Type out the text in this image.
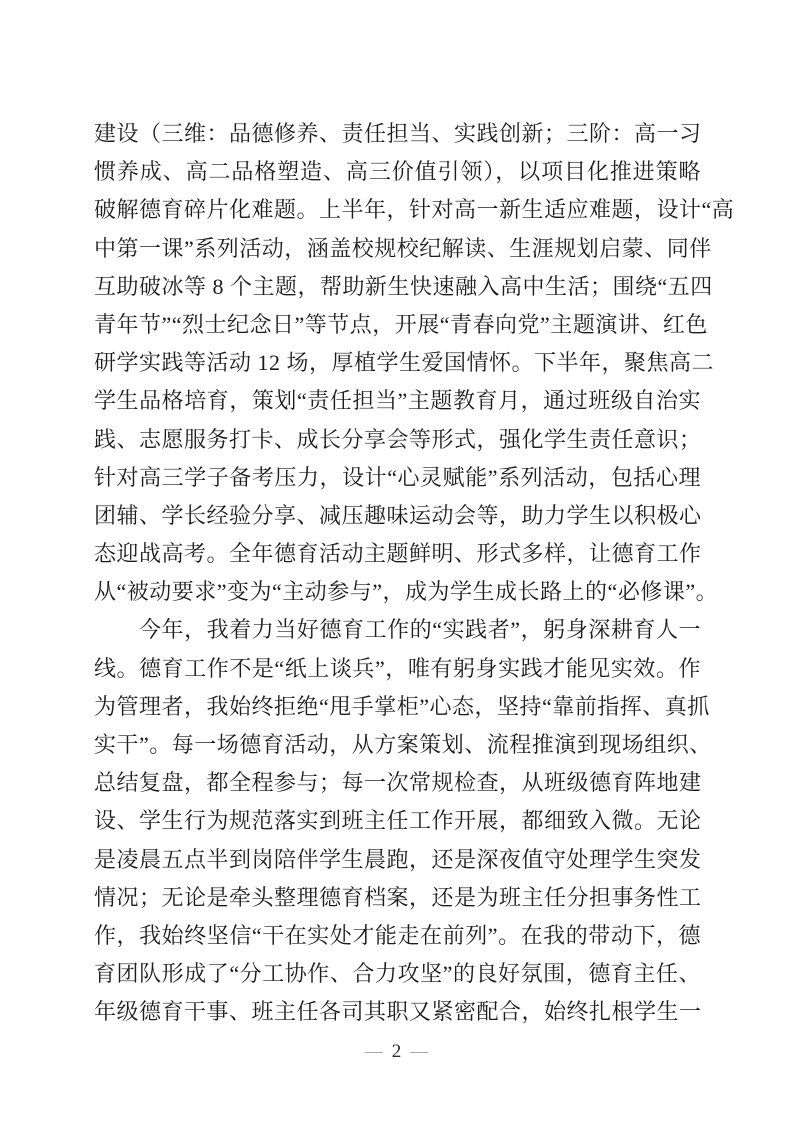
建设（三维：品德修养、责任担当、实践创新；三阶：高一习
惯养成、高二品格塑造、高三价值引领），以项目化推进策略
破解德育碎片化难题。上半年，针对高一新生适应难题，设计“高
中第一课”系列活动，涵盖校规校纪解读、生涯规划启蒙、同伴
互助破冰等 8 个主题，帮助新生快速融入高中生活；围绕“五四
青年节”“烈士纪念日”等节点，开展“青春向党”主题演讲、红色
研学实践等活动 12 场，厚植学生爱国情怀。下半年，聚焦高二
学生品格培育，策划“责任担当”主题教育月，通过班级自治实
践、志愿服务打卡、成长分享会等形式，强化学生责任意识；
针对高三学子备考压力，设计“心灵赋能”系列活动，包括心理
团辅、学长经验分享、减压趣味运动会等，助力学生以积极心
态迎战高考。全年德育活动主题鲜明、形式多样，让德育工作
从“被动要求”变为“主动参与”，成为学生成长路上的“必修课”。
今年，我着力当好德育工作的“实践者”，躬身深耕育人一
线。德育工作不是“纸上谈兵”，唯有躬身实践才能见实效。作
为管理者，我始终拒绝“甩手掌柜”心态，坚持“靠前指挥、真抓
实干”。每一场德育活动，从方案策划、流程推演到现场组织、
总结复盘，都全程参与；每一次常规检查，从班级德育阵地建
设、学生行为规范落实到班主任工作开展，都细致入微。无论
是凌晨五点半到岗陪伴学生晨跑，还是深夜值守处理学生突发
情况；无论是牵头整理德育档案，还是为班主任分担事务性工
作，我始终坚信“干在实处才能走在前列”。在我的带动下，德
育团队形成了“分工协作、合力攻坚”的良好氛围，德育主任、
年级德育干事、班主任各司其职又紧密配合，始终扎根学生一
— 2 —
